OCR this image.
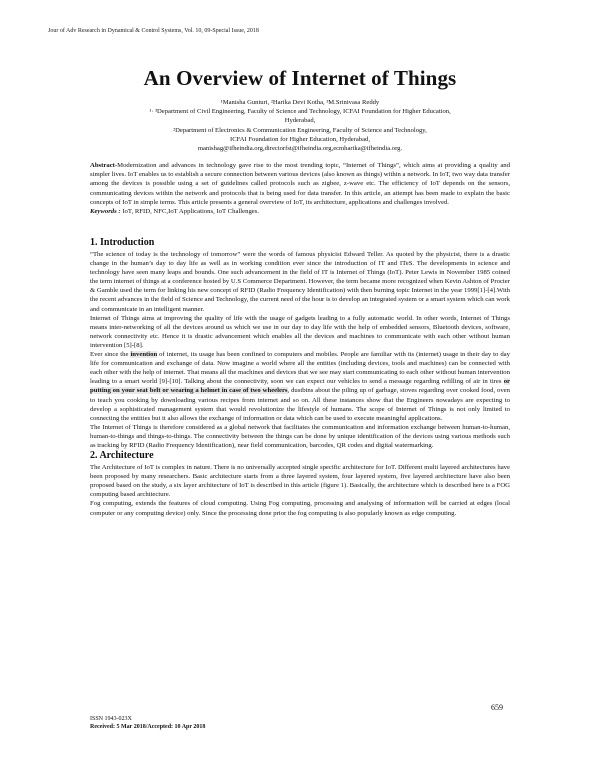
Jour of Adv Research in Dynamical & Control Systems, Vol. 10, 09-Special Issue, 2018
An Overview of Internet of Things
¹Manisha Gunturi, ²Harika Devi Kotha, ³M.Srinivasa Reddy
¹· ³Department of Civil Engineering, Faculty of Science and Technology, ICFAI Foundation for Higher Education,
Hyderabad,
²Department of Electronics & Communication Engineering, Faculty of Science and Technology,
ICFAI Foundation for Higher Education, Hyderabad,
manishag@ifheindia.org,directorfst@ifheindia.org,ecmharika@ifheindia.org.
Abstract-Modernization and advances in technology gave rise to the most trending topic, “Internet of Things”, which aims at providing a quality and simpler lives. IoT enables us to establish a secure connection between various devices (also known as things) within a network. In IoT, two way data transfer among the devices is possible using a set of guidelines called protocols such as zigbee, z-wave etc. The efficiency of IoT depends on the sensors, communicating devices within the network and protocols that is being used for data transfer. In this article, an attempt has been made to explain the basic concepts of IoT in simple terms. This article presents a general overview of IoT, its architecture, applications and challenges involved.
Keywords : IoT, RFID, NFC,IoT Applications, IoT Challenges.
1. Introduction

“The science of today is the technology of tomorrow” were the words of famous physicist Edward Teller. As quoted by the physicist, there is a drastic change in the human’s day to day life as well as in working condition ever since the introduction of IT and ITeS. The developments in science and technology have seen many leaps and bounds. One such advancement in the field of IT is Internet of Things (IoT). Peter Lewis in November 1985 coined the term internet of things at a conference hosted by U.S Commerce Department. However, the term became more recognized when Kevin Ashton of Procter & Gamble used the term for linking his new concept of RFID (Radio Frequency Identification) with then burning topic Internet in the year 1999[1]-[4].With the recent advances in the field of Science and Technology, the current need of the hour is to develop an integrated system or a smart system which can work and communicate in an intelligent manner.

Internet of Things aims at improving the quality of life with the usage of gadgets leading to a fully automatic world. In other words, Internet of Things means inter-networking of all the devices around us which we use in our day to day life with the help of embedded sensors, Bluetooth devices, software, network connectivity etc. Hence it is drastic advancement which enables all the devices and machines to communicate with each other without human intervention [5]-[8].

Ever since the invention of internet, its usage has been confined to computers and mobiles. People are familiar with its (internet) usage in their day to day life for communication and exchange of data. Now imagine a world where all the entities (including devices, tools and machines) can be connected with each other with the help of internet. That means all the machines and devices that we see may start communicating to each other without human intervention leading to a smart world [9]-[10]. Talking about the connectivity, soon we can expect our vehicles to send a message regarding refilling of air in tires or putting on your seat belt or wearing a helmet in case of two wheelers, dustbins about the piling up of garbage, stoves regarding over cooked food, oven to teach you cooking by downloading various recipes from internet and so on. All these instances show that the Engineers nowadays are expecting to develop a sophisticated management system that would revolutionize the lifestyle of humans. The scope of Internet of Things is not only limited to connecting the entities but it also allows the exchange of information or data which can be used to execute meaningful applications.

The Internet of Things is therefore considered as a global network that facilitates the communication and information exchange between human-to-human, human-to-things and things-to-things. The connectivity between the things can be done by unique identification of the devices using various methods such as tracking by RFID (Radio Frequency Identification), near field communication, barcodes, QR codes and digital watermarking.

2. Architecture

The Architecture of IoT is complex in nature. There is no universally accepted single specific architecture for IoT. Different multi layered architectures have been proposed by many researchers. Basic architecture starts from a three layered system, four layered system, five layered architecture have also been proposed based on the study, a six layer architecture of IoT is described in this article (figure 1). Basically, the architecture which is described here is a FOG computing based architecture.

Fog computing, extends the features of cloud computing. Using Fog computing, processing and analysing of information will be carried at edges (local computer or any computing device) only. Since the processing done prior the fog computing is also popularly known as edge computing.

659
ISSN 1943-023X
Received: 5 Mar 2018/Accepted: 10 Apr 2018
